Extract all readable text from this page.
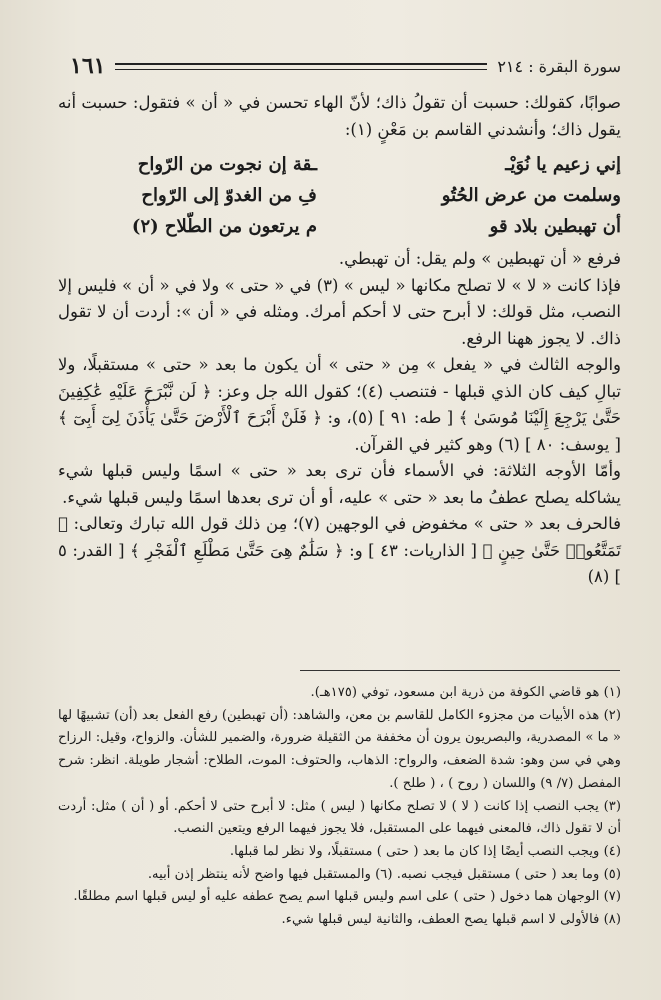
سورة البقرة : ٢١٤
١٦١

صوابًا، كقولك: حسبت أن تقولُ ذاك؛ لأنّ الهاء تحسن في « أن » فتقول: حسبت أنه يقول ذاك؛ وأنشدني القاسم بن مَعْنٍ (١):

إني زعيم يا نُوَيْـ
ـقة إن نجوت من الرّواح
وسلمت من عرض الحُتُو
فِ من الغدوّ إلى الرّواح
أن تهبطين بلاد قو
م يرتعون من الطّلاح (٢)

فرفع « أن تهبطين » ولم يقل: أن تهبطي.

فإذا كانت « لا » لا تصلح مكانها « ليس » (٣) في « حتى » ولا في « أن » فليس إلا النصب، مثل قولك: لا أبرح حتى لا أحكم أمرك. ومثله في « أن »: أردت أن لا تقول ذاك. لا يجوز ههنا الرفع.

والوجه الثالث في « يفعل » مِن « حتى » أن يكون ما بعد « حتى » مستقبلًا، ولا تبالِ كيف كان الذي قبلها - فتنصب (٤)؛ كقول الله جل وعز: ﴿ لَن نَّبْرَحَ عَلَيْهِ عَٰكِفِينَ حَتَّىٰ يَرْجِعَ إِلَيْنَا مُوسَىٰ ﴾ [ طه: ٩١ ] (٥)، و: ﴿ فَلَنْ أَبْرَحَ ٱلْأَرْضَ حَتَّىٰ يَأْذَنَ لِىٓ أَبِىٓ ﴾ [ يوسف: ٨٠ ] (٦) وهو كثير في القرآن.

وأمّا الأوجه الثلاثة: في الأسماء فأن ترى بعد « حتى » اسمًا وليس قبلها شيء يشاكله يصلح عطفُ ما بعد « حتى » عليه، أو أن ترى بعدها اسمًا وليس قبلها شيء.

فالحرف بعد « حتى » مخفوض في الوجهين (٧)؛ مِن ذلك قول الله تبارك وتعالى: ﴿ تَمَتَّعُوا۟ حَتَّىٰ حِينٍ ﴾ [ الذاريات: ٤٣ ] و: ﴿ سَلَٰمٌ هِىَ حَتَّىٰ مَطْلَعِ ٱلْفَجْرِ ﴾ [ القدر: ٥ ] (٨)

(١) هو قاضي الكوفة من ذرية ابن مسعود، توفي (١٧٥هـ).

(٢) هذه الأبيات من مجزوء الكامل للقاسم بن معن، والشاهد: (أن تهبطين) رفع الفعل بعد (أن) تشبيهًا لها « ما » المصدرية، والبصريون يرون أن مخففة من الثقيلة ضرورة، والضمير للشأن. والزواح، وقيل: الرزاح وهي في سن وهو: شدة الضعف، والرواح: الذهاب، والحتوف: الموت، الطلاح: أشجار طويلة. انظر: شرح المفصل (٧/ ٩) واللسان ( روح ) ، ( طلح ).

(٣) يجب النصب إذا كانت ( لا ) لا تصلح مكانها ( ليس ) مثل: لا أبرح حتى لا أحكم. أو ( أن ) مثل: أردت أن لا تقول ذاك، فالمعنى فيهما على المستقبل، فلا يجوز فيهما الرفع ويتعين النصب.

(٤) ويجب النصب أيضًا إذا كان ما بعد ( حتى ) مستقبلًا، ولا نظر لما قبلها.

(٥) وما بعد ( حتى ) مستقبل فيجب نصبه. (٦) والمستقبل فيها واضح لأنه ينتظر إذن أبيه.

(٧) الوجهان هما دخول ( حتى ) على اسم وليس قبلها اسم يصح عطفه عليه أو ليس قبلها اسم مطلقًا.

(٨) فالأولى لا اسم قبلها يصح العطف، والثانية ليس قبلها شيء.
